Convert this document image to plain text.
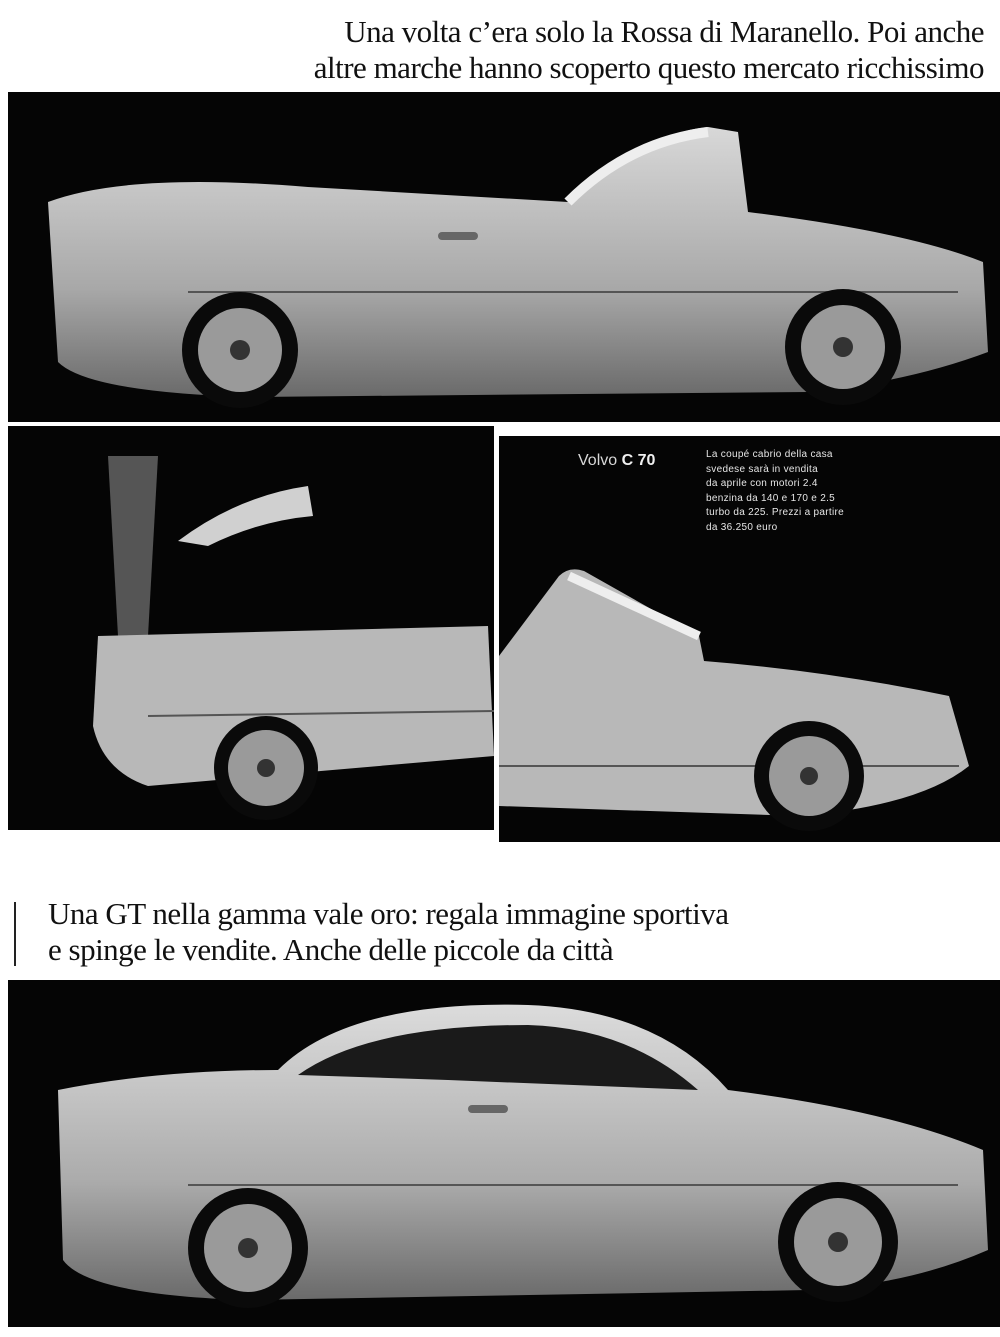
Una volta c’era solo la Rossa di Maranello. Poi anche
altre marche hanno scoperto questo mercato ricchissimo
Volvo C 70	La coupé cabrio della casa
svedese sarà in vendita
da aprile con motori 2.4
benzina da 140 e 170 e 2.5
turbo da 225. Prezzi a partire
da 36.250 euro
Una GT nella gamma vale oro: regala immagine sportiva
e spinge le vendite. Anche delle piccole da città
